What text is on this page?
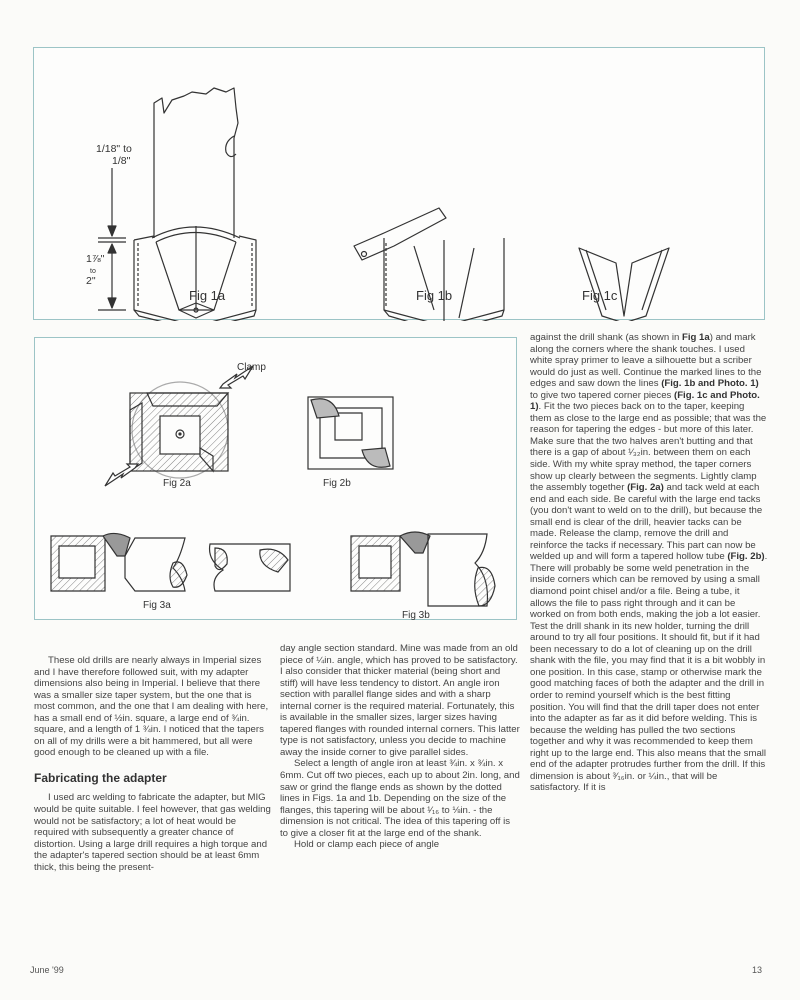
1/18" to
1/8"
1⅞"
to
2"
Fig 1a	Fig 1b	Fig 1c
Clamp
Fig 2a	Fig 2b
Fig 3a
Fig 3b

These old drills are nearly always in Imperial sizes and I have therefore followed suit, with my adapter dimensions also being in Imperial. I believe that there was a smaller size taper system, but the one that is most common, and the one that I am dealing with here, has a small end of ½in. square, a large end of ¾in. square, and a length of 1 ¾in. I noticed that the tapers on all of my drills were a bit hammered, but all were good enough to be cleaned up with a file.

Fabricating the adapter

I used arc welding to fabricate the adapter, but MIG would be quite suitable. I feel however, that gas welding would not be satisfactory; a lot of heat would be required with subsequently a greater chance of distortion. Using a large drill requires a high torque and the adapter's tapered section should be at least 6mm thick, this being the present-

day angle section standard. Mine was made from an old piece of ¼in. angle, which has proved to be satisfactory. I also consider that thicker material (being short and stiff) will have less tendency to distort. An angle iron section with parallel flange sides and with a sharp internal corner is the required material. Fortunately, this is available in the smaller sizes, larger sizes having tapered flanges with rounded internal corners. This latter type is not satisfactory, unless you decide to machine away the inside corner to give parallel sides.

Select a length of angle iron at least ¾in. x ¾in. x 6mm. Cut off two pieces, each up to about 2in. long, and saw or grind the flange ends as shown by the dotted lines in Figs. 1a and 1b. Depending on the size of the flanges, this tapering will be about ¹⁄₁₆ to ⅛in. - the dimension is not critical. The idea of this tapering off is to give a closer fit at the large end of the shank.

Hold or clamp each piece of angle

against the drill shank (as shown in Fig 1a) and mark along the corners where the shank touches. I used white spray primer to leave a silhouette but a scriber would do just as well. Continue the marked lines to the edges and saw down the lines (Fig. 1b and Photo. 1) to give two tapered corner pieces (Fig. 1c and Photo. 1). Fit the two pieces back on to the taper, keeping them as close to the large end as possible; that was the reason for tapering the edges - but more of this later. Make sure that the two halves aren't butting and that there is a gap of about ¹⁄₃₂in. between them on each side. With my white spray method, the taper corners show up clearly between the segments. Lightly clamp the assembly together (Fig. 2a) and tack weld at each end and each side. Be careful with the large end tacks (you don't want to weld on to the drill), but because the small end is clear of the drill, heavier tacks can be made. Release the clamp, remove the drill and reinforce the tacks if necessary. This part can now be welded up and will form a tapered hollow tube (Fig. 2b). There will probably be some weld penetration in the inside corners which can be removed by using a small diamond point chisel and/or a file. Being a tube, it allows the file to pass right through and it can be worked on from both ends, making the job a lot easier. Test the drill shank in its new holder, turning the drill around to try all four positions. It should fit, but if it had been necessary to do a lot of cleaning up on the drill shank with the file, you may find that it is a bit wobbly in one position. In this case, stamp or otherwise mark the good matching faces of both the adapter and the drill in order to remind yourself which is the best fitting position. You will find that the drill taper does not enter into the adapter as far as it did before welding. This is because the welding has pulled the two sections together and why it was recommended to keep them right up to the large end. This also means that the small end of the adapter protrudes further from the drill. If this dimension is about ³⁄₁₆in. or ¼in., that will be satisfactory. If it is

June '99	13
